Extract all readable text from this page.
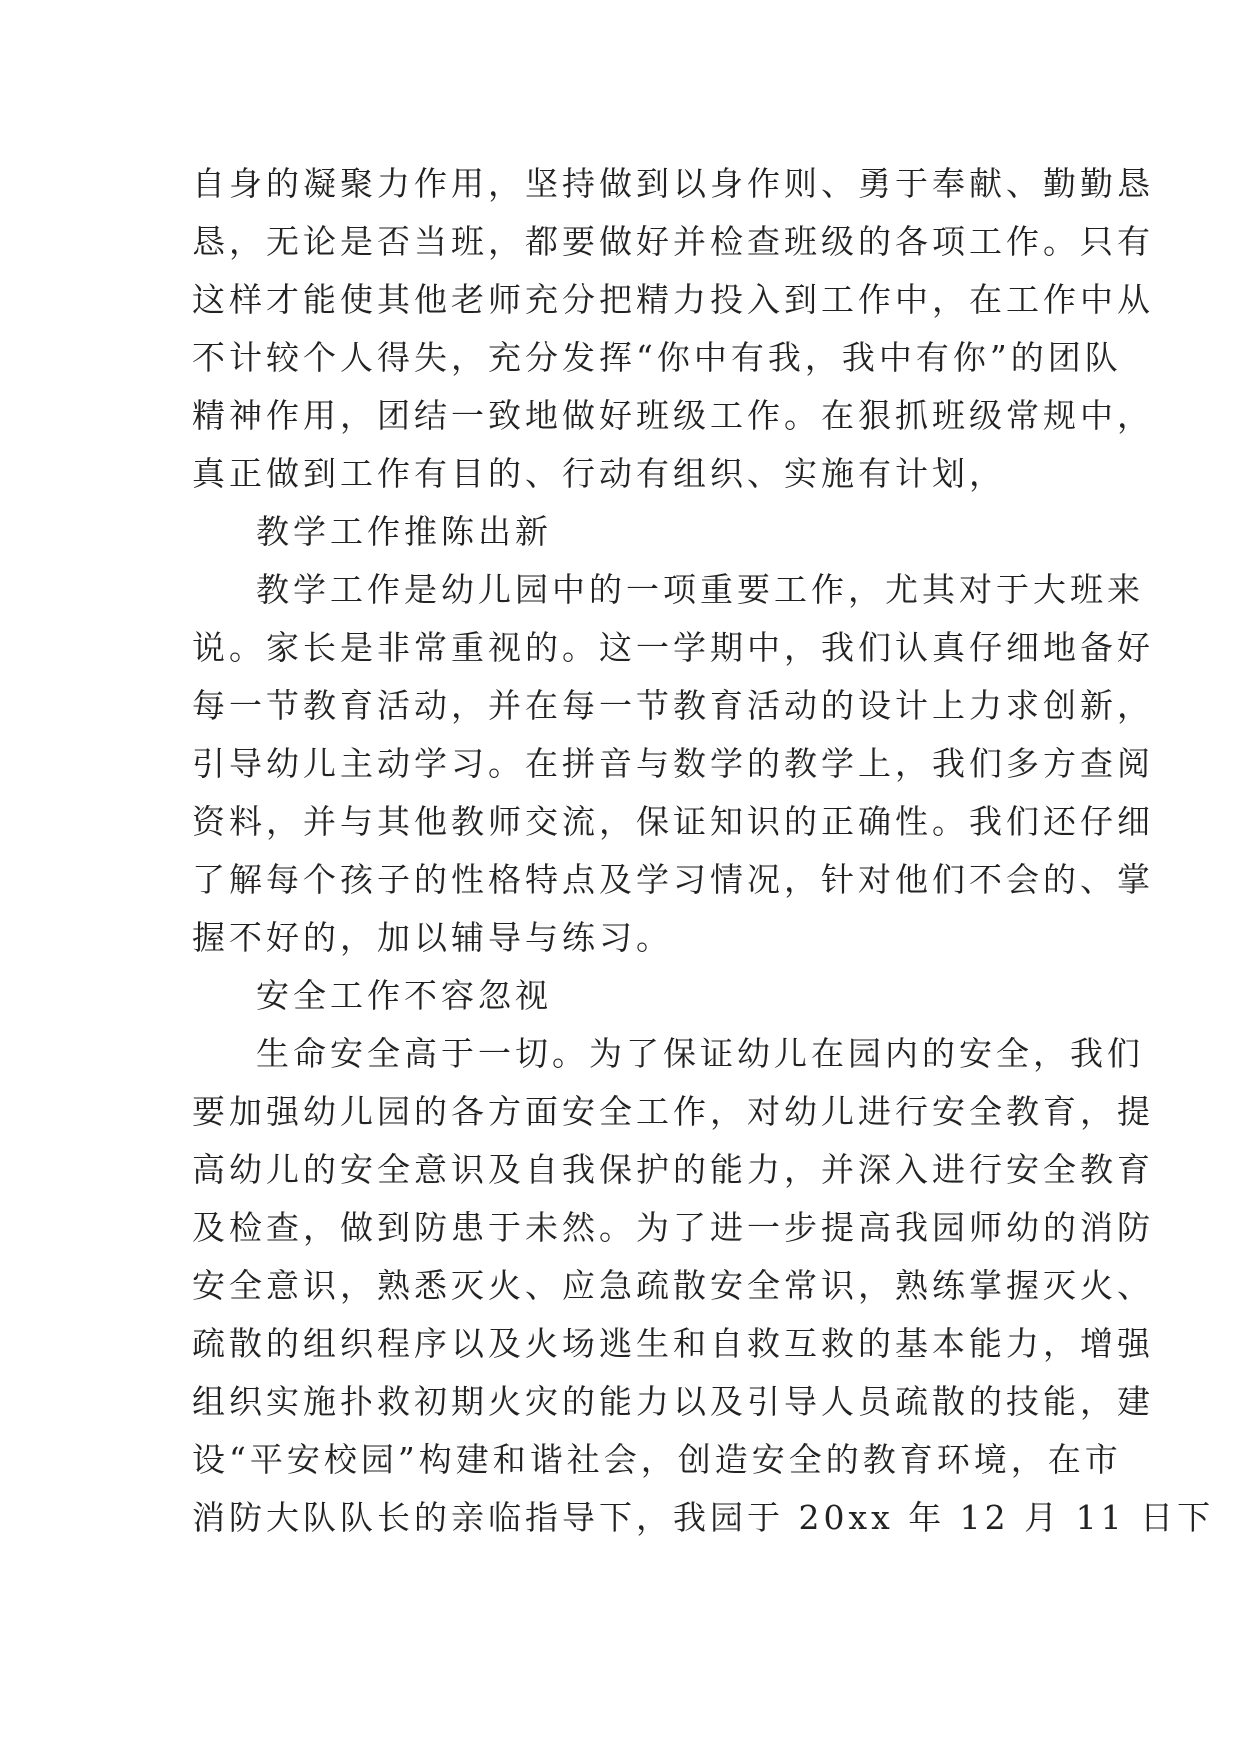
自身的凝聚力作用，坚持做到以身作则、勇于奉献、勤勤恳
恳，无论是否当班，都要做好并检查班级的各项工作。只有
这样才能使其他老师充分把精力投入到工作中，在工作中从
不计较个人得失，充分发挥“你中有我，我中有你”的团队
精神作用，团结一致地做好班级工作。在狠抓班级常规中，
真正做到工作有目的、行动有组织、实施有计划，
教学工作推陈出新
教学工作是幼儿园中的一项重要工作，尤其对于大班来
说。家长是非常重视的。这一学期中，我们认真仔细地备好
每一节教育活动，并在每一节教育活动的设计上力求创新，
引导幼儿主动学习。在拼音与数学的教学上，我们多方查阅
资料，并与其他教师交流，保证知识的正确性。我们还仔细
了解每个孩子的性格特点及学习情况，针对他们不会的、掌
握不好的，加以辅导与练习。
安全工作不容忽视
生命安全高于一切。为了保证幼儿在园内的安全，我们
要加强幼儿园的各方面安全工作，对幼儿进行安全教育，提
高幼儿的安全意识及自我保护的能力，并深入进行安全教育
及检查，做到防患于未然。为了进一步提高我园师幼的消防
安全意识，熟悉灭火、应急疏散安全常识，熟练掌握灭火、
疏散的组织程序以及火场逃生和自救互救的基本能力，增强
组织实施扑救初期火灾的能力以及引导人员疏散的技能，建
设“平安校园”构建和谐社会，创造安全的教育环境，在市
消防大队队长的亲临指导下，我园于 20xx 年 12 月 11 日下
